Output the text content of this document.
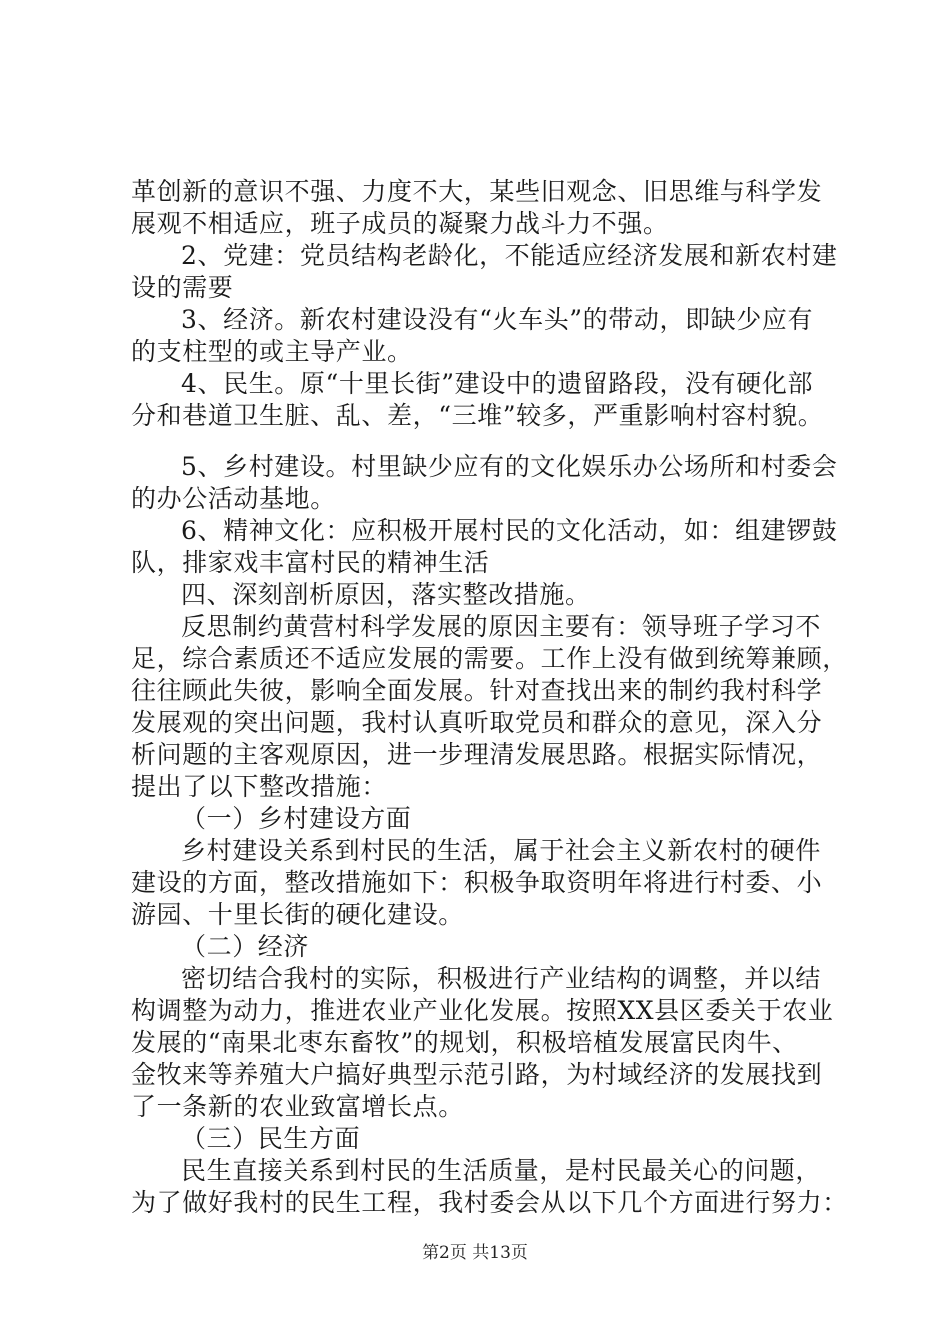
革创新的意识不强、力度不大，某些旧观念、旧思维与科学发
展观不相适应，班子成员的凝聚力战斗力不强。
2、党建：党员结构老龄化，不能适应经济发展和新农村建
设的需要
3、经济。新农村建设没有“火车头”的带动，即缺少应有
的支柱型的或主导产业。
4、民生。原“十里长街”建设中的遗留路段，没有硬化部
分和巷道卫生脏、乱、差，“三堆”较多，严重影响村容村貌。
5、乡村建设。村里缺少应有的文化娱乐办公场所和村委会
的办公活动基地。
6、精神文化：应积极开展村民的文化活动，如：组建锣鼓
队，排家戏丰富村民的精神生活
四、深刻剖析原因，落实整改措施。
反思制约黄营村科学发展的原因主要有：领导班子学习不
足，综合素质还不适应发展的需要。工作上没有做到统筹兼顾，
往往顾此失彼，影响全面发展。针对查找出来的制约我村科学
发展观的突出问题，我村认真听取党员和群众的意见，深入分
析问题的主客观原因，进一步理清发展思路。根据实际情况，
提出了以下整改措施：
（一）乡村建设方面
乡村建设关系到村民的生活，属于社会主义新农村的硬件
建设的方面，整改措施如下：积极争取资明年将进行村委、小
游园、十里长街的硬化建设。
（二）经济
密切结合我村的实际，积极进行产业结构的调整，并以结
构调整为动力，推进农业产业化发展。按照XX县区委关于农业
发展的“南果北枣东畜牧”的规划，积极培植发展富民肉牛、
金牧来等养殖大户搞好典型示范引路，为村域经济的发展找到
了一条新的农业致富增长点。
（三）民生方面
民生直接关系到村民的生活质量，是村民最关心的问题，
为了做好我村的民生工程，我村委会从以下几个方面进行努力：
第2页 共13页
